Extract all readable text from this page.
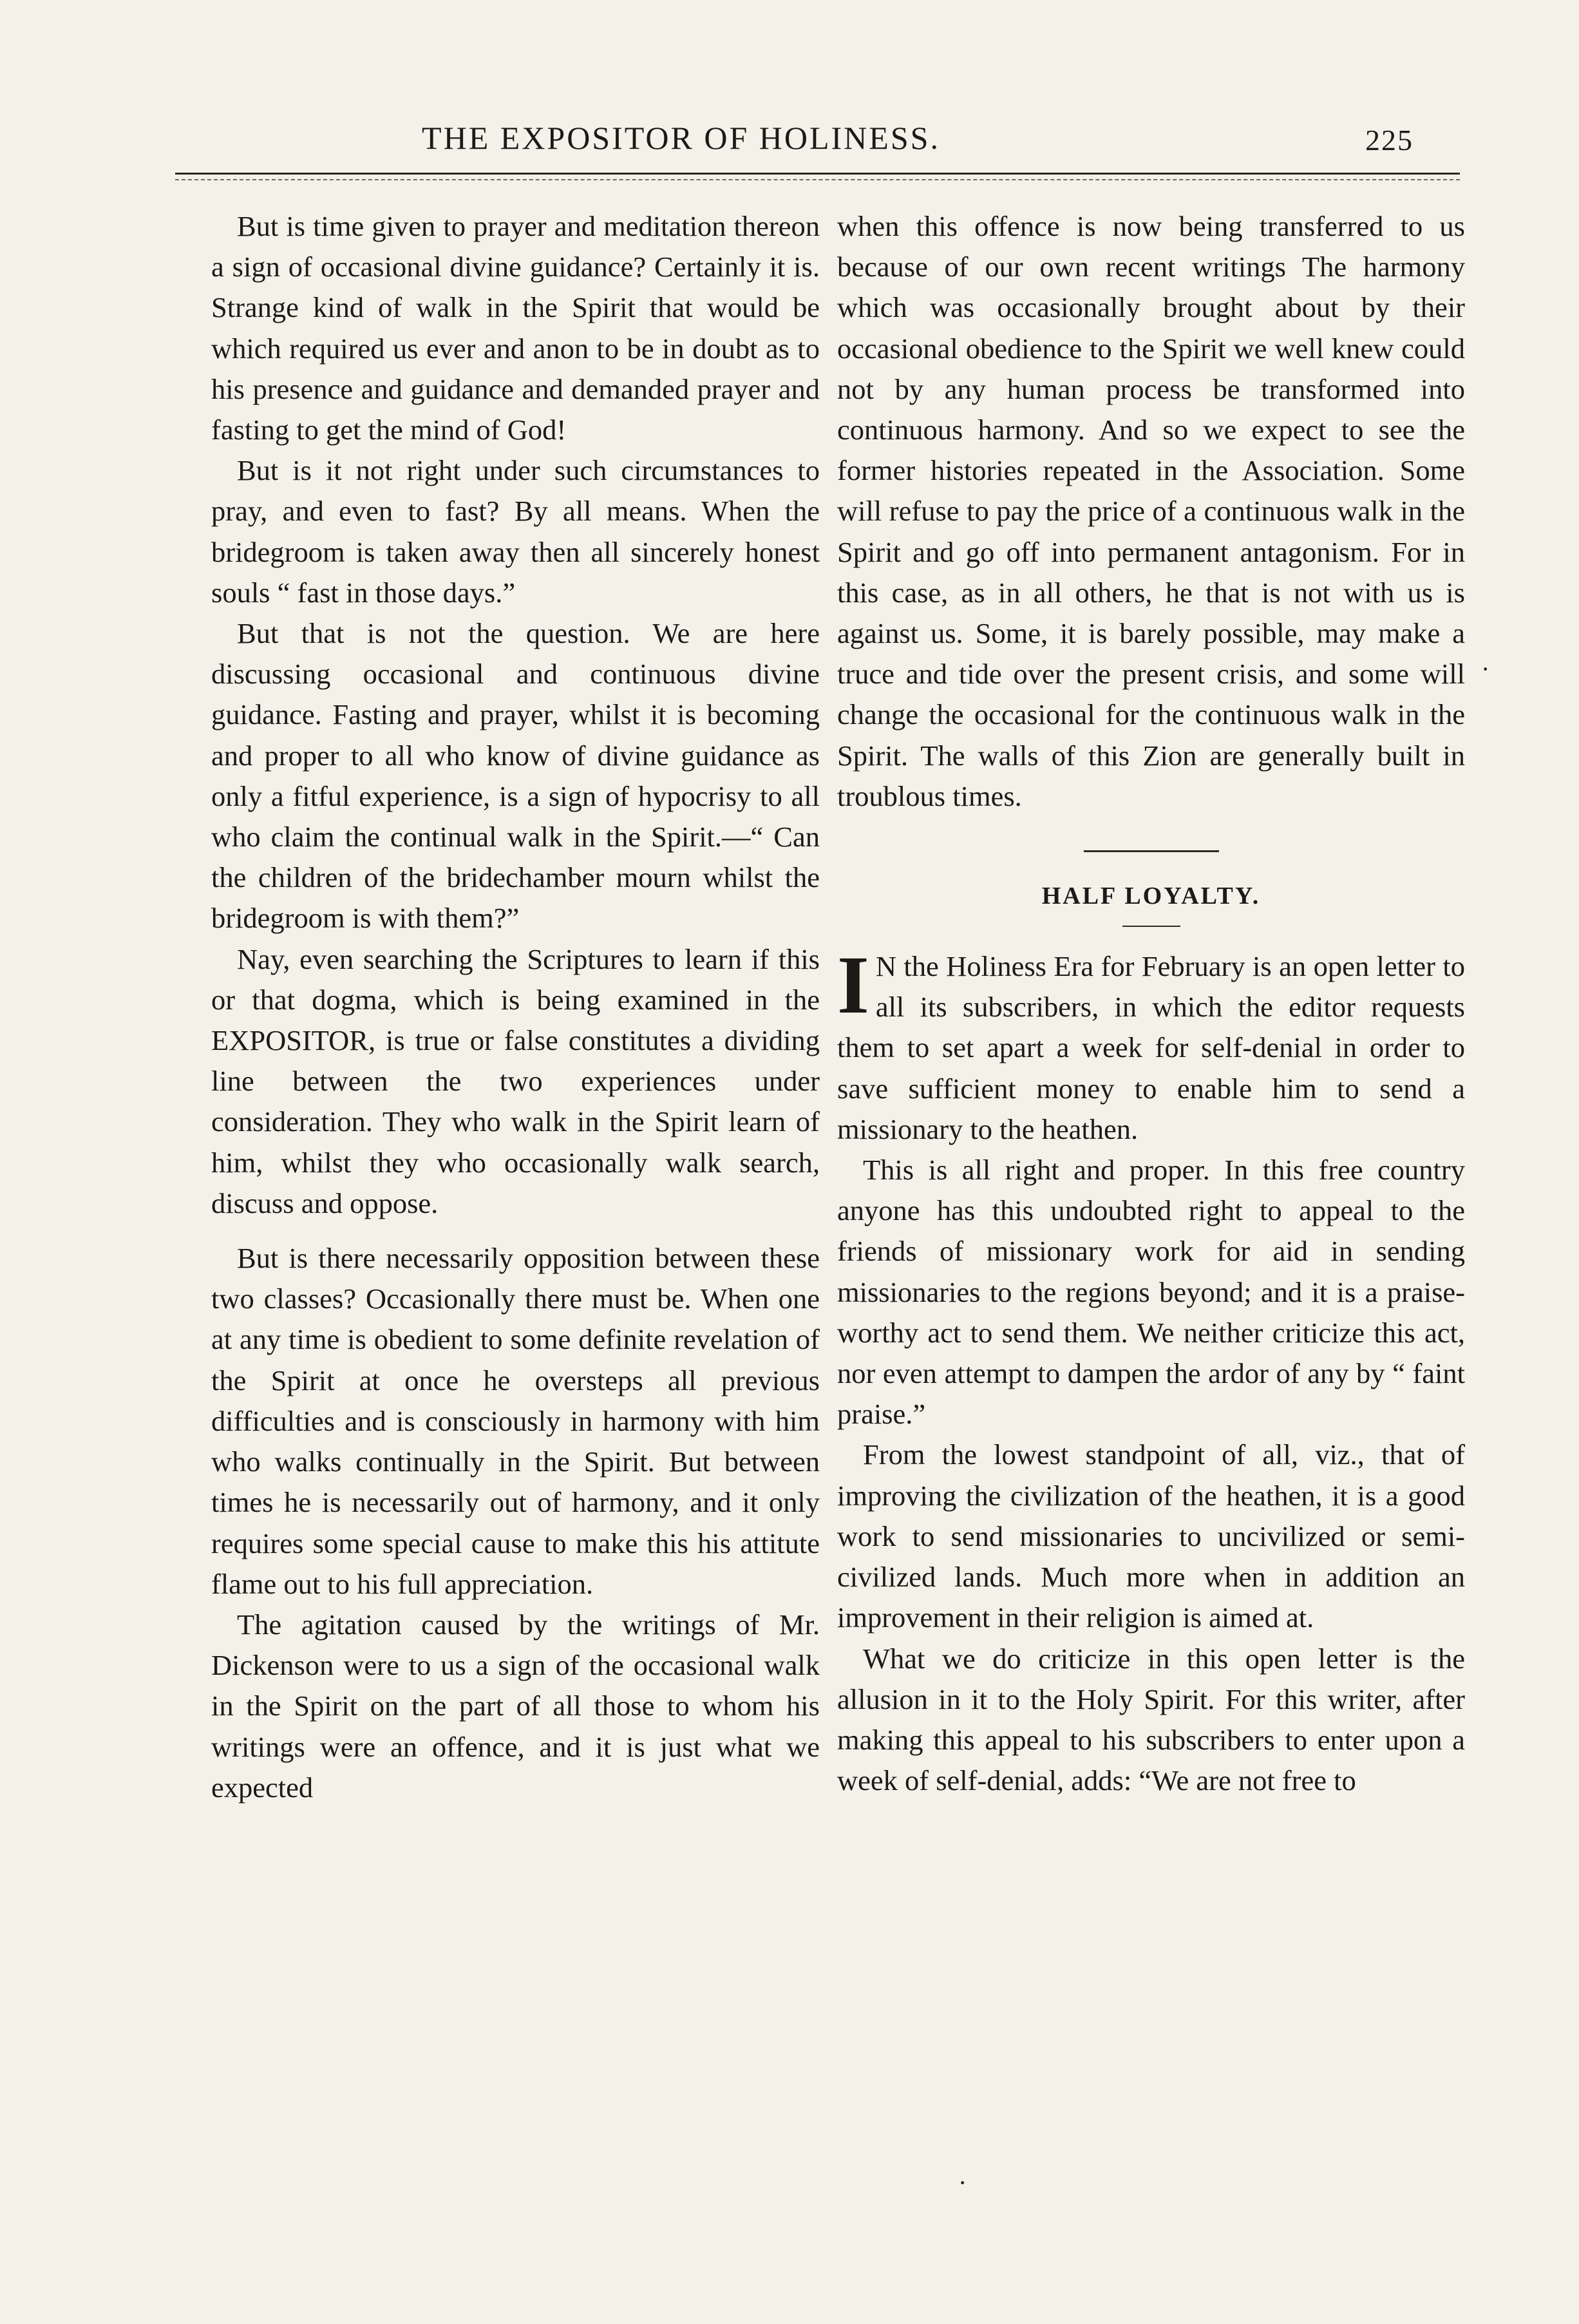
THE EXPOSITOR OF HOLINESS.	225

But is time given to prayer and meditation thereon a sign of occasional divine guidance? Certainly it is. Strange kind of walk in the Spirit that would be which required us ever and anon to be in doubt as to his presence and guidance and demanded prayer and fasting to get the mind of God!

But is it not right under such circumstances to pray, and even to fast? By all means. When the bridegroom is taken away then all sincerely honest souls “ fast in those days.”

But that is not the question. We are here discussing occasional and continuous divine guidance. Fasting and prayer, whilst it is becoming and proper to all who know of divine guidance as only a fitful experience, is a sign of hypocrisy to all who claim the continual walk in the Spirit.—“ Can the children of the bridechamber mourn whilst the bridegroom is with them?”

Nay, even searching the Scriptures to learn if this or that dogma, which is being examined in the EXPOSITOR, is true or false constitutes a dividing line between the two experiences under consideration. They who walk in the Spirit learn of him, whilst they who occasionally walk search, discuss and oppose.

But is there necessarily opposition between these two classes? Occasionally there must be. When one at any time is obedient to some definite revelation of the Spirit at once he oversteps all previous difficulties and is consciously in harmony with him who walks continually in the Spirit. But between times he is necessarily out of harmony, and it only requires some special cause to make this his attitute flame out to his full appreciation.

The agitation caused by the writings of Mr. Dickenson were to us a sign of the occasional walk in the Spirit on the part of all those to whom his writings were an offence, and it is just what we expected

when this offence is now being transferred to us because of our own recent writings The harmony which was occasionally brought about by their occasional obedience to the Spirit we well knew could not by any human process be transformed into continuous harmony. And so we expect to see the former histories repeated in the Association. Some will refuse to pay the price of a continuous walk in the Spirit and go off into permanent antagonism. For in this case, as in all others, he that is not with us is against us. Some, it is barely possible, may make a truce and tide over the present crisis, and some will change the occasional for the continuous walk in the Spirit. The walls of this Zion are generally built in troublous times.

HALF LOYALTY.

I N the Holiness Era for February is an open letter to all its subscribers, in which the editor requests them to set apart a week for self-denial in order to save sufficient money to enable him to send a missionary to the heathen.

This is all right and proper. In this free country anyone has this undoubted right to appeal to the friends of missionary work for aid in sending missionaries to the regions beyond; and it is a praise-worthy act to send them. We neither criticize this act, nor even attempt to dampen the ardor of any by “ faint praise.”

From the lowest standpoint of all, viz., that of improving the civilization of the heathen, it is a good work to send missionaries to uncivilized or semi-civilized lands. Much more when in addition an improvement in their religion is aimed at.

What we do criticize in this open letter is the allusion in it to the Holy Spirit. For this writer, after making this appeal to his subscribers to enter upon a week of self-denial, adds: “We are not free to

·
·
